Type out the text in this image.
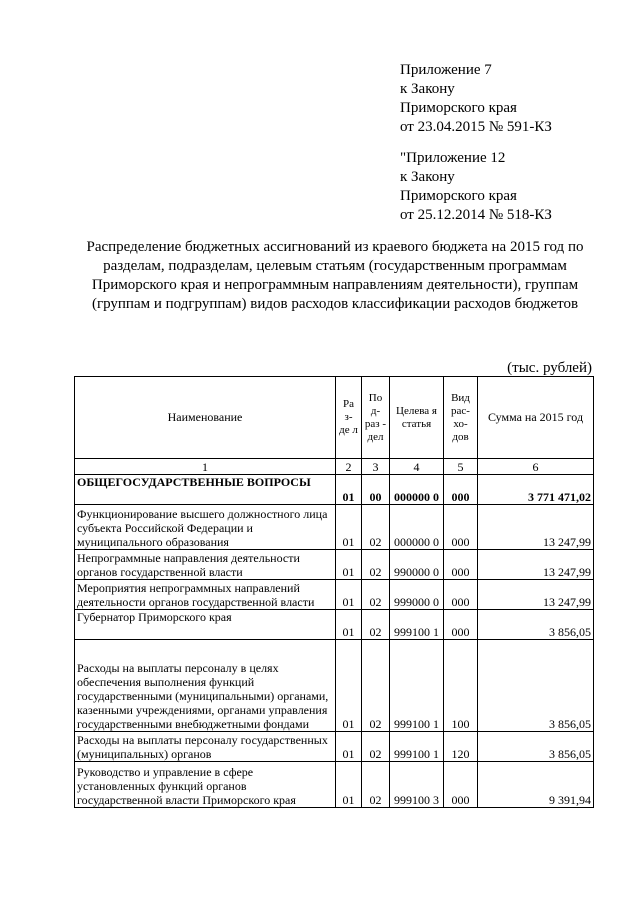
Приложение 7
к Закону
Приморского края
от 23.04.2015 № 591-КЗ
"Приложение 12
к Закону
Приморского края
от 25.12.2014 № 518-КЗ
Распределение бюджетных ассигнований из краевого бюджета на 2015 год по разделам, подразделам, целевым статьям (государственным программам Приморского края и непрограммным направлениям деятельности), группам (группам и подгруппам) видов расходов классификации расходов бюджетов
(тыс. рублей)
Наименование	Ра з- де л	По д- раз - дел	Целева я статья	Вид рас- хо- дов	Сумма на 2015 год
1	2	3	4	5	6
ОБЩЕГОСУДАРСТВЕННЫЕ ВОПРОСЫ	01	00	000000 0	000	3 771 471,02
Функционирование высшего должностного лица субъекта Российской Федерации и муниципального образования	01	02	000000 0	000	13 247,99
Непрограммные направления деятельности органов государственной власти	01	02	990000 0	000	13 247,99
Мероприятия непрограммных направлений деятельности органов государственной власти	01	02	999000 0	000	13 247,99
Губернатор Приморского края	01	02	999100 1	000	3 856,05
Расходы на выплаты персоналу в целях обеспечения выполнения функций государственными (муниципальными) органами, казенными учреждениями, органами управления государственными внебюджетными фондами	01	02	999100 1	100	3 856,05
Расходы на выплаты персоналу государственных (муниципальных) органов	01	02	999100 1	120	3 856,05
Руководство и управление в сфере установленных функций органов государственной власти Приморского края	01	02	999100 3	000	9 391,94
